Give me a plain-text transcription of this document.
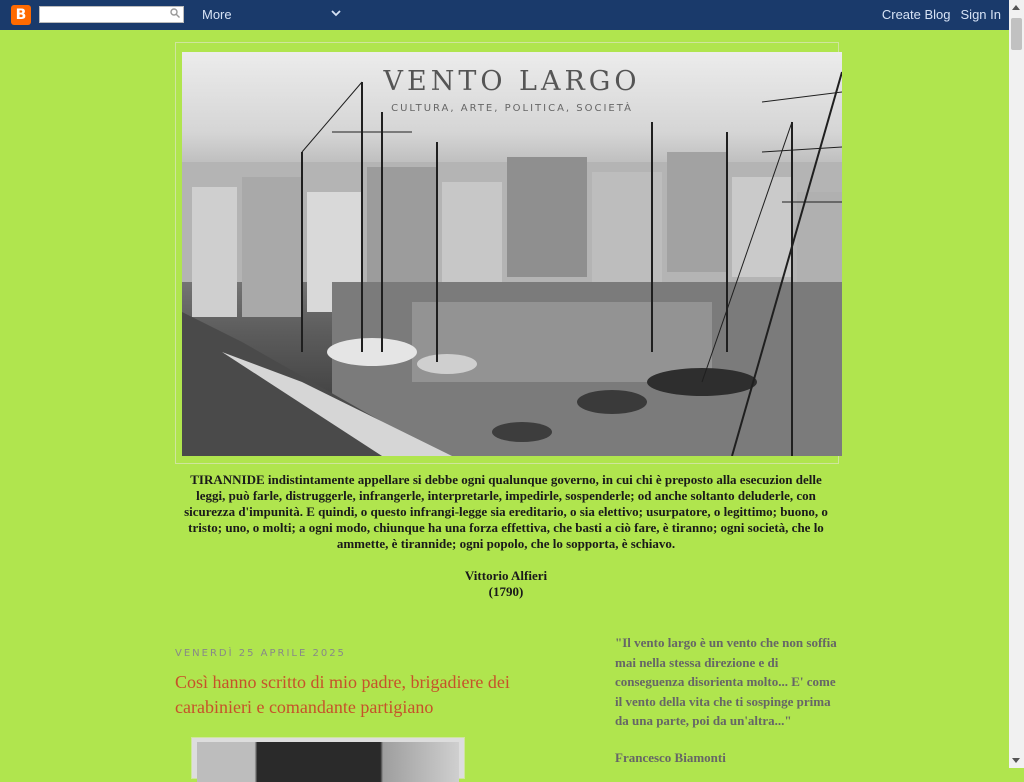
B	More	Create Blog Sign In
VENTO LARGO
CULTURA, ARTE, POLITICA, SOCIETÀ
TIRANNIDE indistintamente appellare si debbe ogni qualunque governo, in cui chi è preposto alla esecuzion delle leggi, può farle, distruggerle, infrangerle, interpretarle, impedirle, sospenderle; od anche soltanto deluderle, con sicurezza d'impunità. E quindi, o questo infrangi-legge sia ereditario, o sia elettivo; usurpatore, o legittimo; buono, o tristo; uno, o molti; a ogni modo, chiunque ha una forza effettiva, che basti a ciò fare, è tiranno; ogni società, che lo ammette, è tirannide; ogni popolo, che lo sopporta, è schiavo.
Vittorio Alfieri
(1790)
VENERDÌ 25 APRILE 2025
Così hanno scritto di mio padre, brigadiere dei carabinieri e comandante partigiano
"Il vento largo è un vento che non soffia mai nella stessa direzione e di conseguenza disorienta molto... E' come il vento della vita che ti sospinge prima da una parte, poi da un'altra..."
Francesco Biamonti
